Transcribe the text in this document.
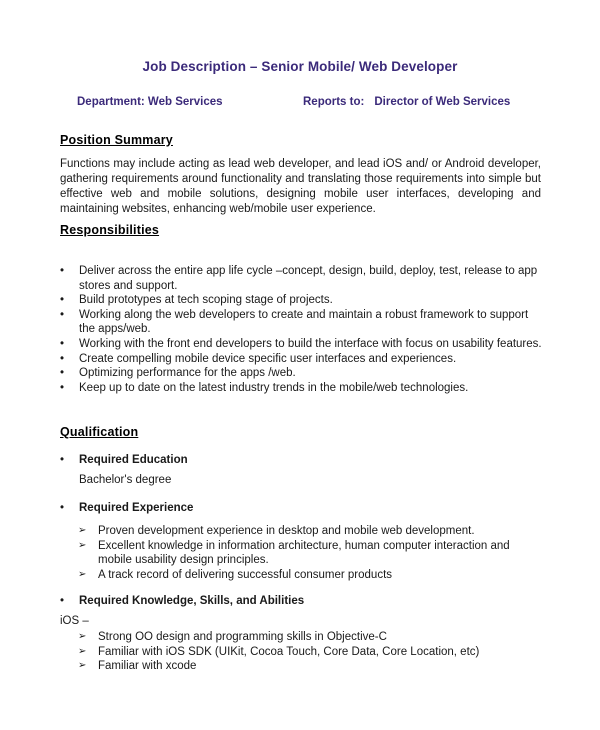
Job Description – Senior Mobile/ Web Developer
Department: Web Services	Reports to: Director of Web Services
Position Summary

Functions may include acting as lead web developer, and lead iOS and/ or Android developer, gathering requirements around functionality and translating those requirements into simple but effective web and mobile solutions, designing mobile user interfaces, developing and maintaining websites, enhancing web/mobile user experience.

Responsibilities
• Deliver across the entire app life cycle –concept, design, build, deploy, test, release to app stores and support.
• Build prototypes at tech scoping stage of projects.
• Working along the web developers to create and maintain a robust framework to support the apps/web.
• Working with the front end developers to build the interface with focus on usability features.
• Create compelling mobile device specific user interfaces and experiences.
• Optimizing performance for the apps /web.
• Keep up to date on the latest industry trends in the mobile/web technologies.
Qualification
• Required Education
Bachelor's degree
• Required Experience
➢ Proven development experience in desktop and mobile web development.
➢ Excellent knowledge in information architecture, human computer interaction and mobile usability design principles.
➢ A track record of delivering successful consumer products
• Required Knowledge, Skills, and Abilities
iOS –
➢ Strong OO design and programming skills in Objective-C
➢ Familiar with iOS SDK (UIKit, Cocoa Touch, Core Data, Core Location, etc)
➢ Familiar with xcode
